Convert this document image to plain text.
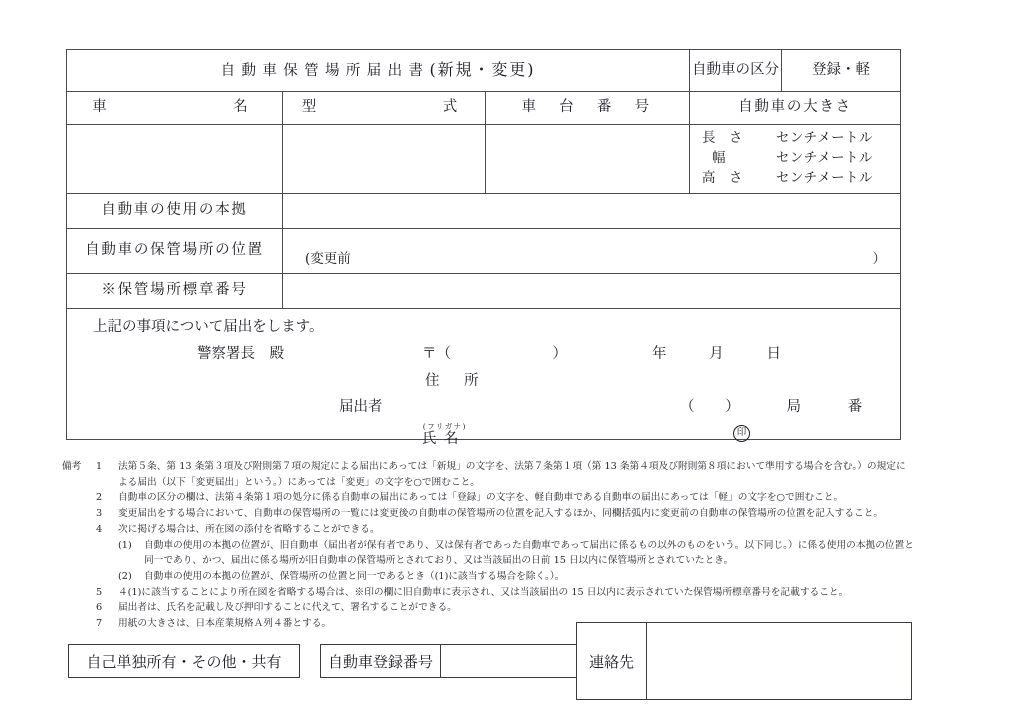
自動車保管場所届出書(新規・変更)			自動車の区分	登録・軽
車　　　　　名	型　　　　　式	車　台　番　号	自動車の大きさ	

長　さ	センチメートル
幅	センチメートル
高　さ	センチメートル

自動車の使用の本拠				
自動車の保管場所の位置	(変更前 ）			

※保管場所標章番号				

上記の事項について届出をします。
警察署長　殿	〒（　　　　　　　）	年	月	日
住　所
届出者	（ ）	局	番
氏(フリ名ガナ)
印
備考	1	法第５条、第 13 条第３項及び附則第７項の規定による届出にあっては「新規」の文字を、法第７条第１項（第 13 条第４項及び附則第８項において準用する場合を含む。）の規定に
よる届出（以下「変更届出」という。）にあっては「変更」の文字を○で囲むこと。
2	自動車の区分の欄は、法第４条第１項の処分に係る自動車の届出にあっては「登録」の文字を、軽自動車である自動車の届出にあっては「軽」の文字を○で囲むこと。
3	変更届出をする場合において、自動車の保管場所の一覧には変更後の自動車の保管場所の位置を記入するほか、同欄括弧内に変更前の自動車の保管場所の位置を記入すること。
4	次に掲げる場合は、所在図の添付を省略することができる。
(1)	自動車の使用の本拠の位置が、旧自動車（届出者が保有者であり、又は保有者であった自動車であって届出に係るもの以外のものをいう。以下同じ。）に係る使用の本拠の位置と
同一であり、かつ、届出に係る場所が旧自動車の保管場所とされており、又は当該届出の日前 15 日以内に保管場所とされていたとき。
(2)	自動車の使用の本拠の位置が、保管場所の位置と同一であるとき（(1)に該当する場合を除く。）。
5	４(1)に該当することにより所在図を省略する場合は、※印の欄に旧自動車に表示され、又は当該届出の 15 日以内に表示されていた保管場所標章番号を記載すること。
6	届出者は、氏名を記載し及び押印することに代えて、署名することができる。
7	用紙の大きさは、日本産業規格Ａ列４番とする。
自己単独所有・その他・共有	自動車登録番号	連絡先
